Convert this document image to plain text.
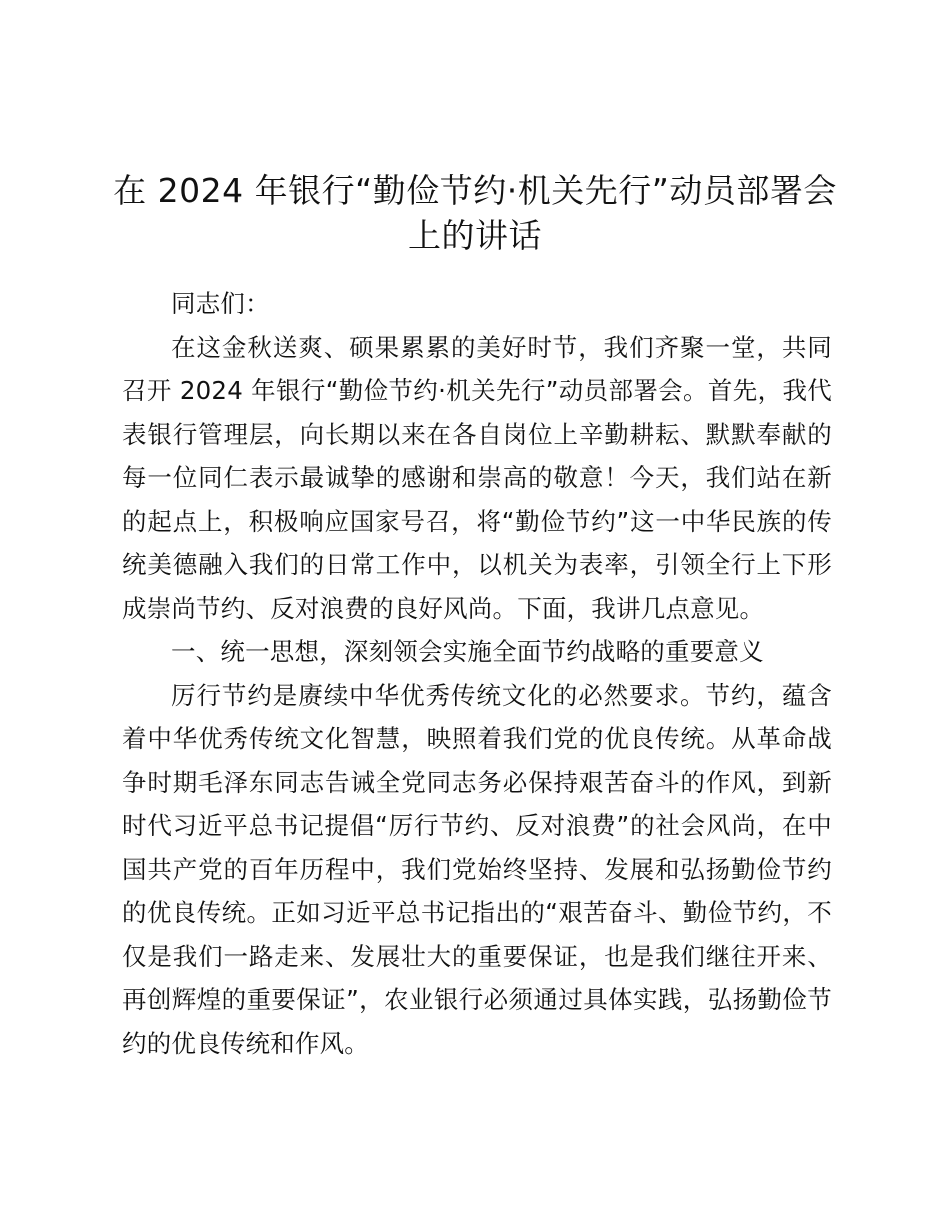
在 2024 年银行“勤俭节约·机关先行”动员部署会上的讲话

同志们：

在这金秋送爽、硕果累累的美好时节，我们齐聚一堂，共同召开 2024 年银行“勤俭节约·机关先行”动员部署会。首先，我代表银行管理层，向长期以来在各自岗位上辛勤耕耘、默默奉献的每一位同仁表示最诚挚的感谢和崇高的敬意！今天，我们站在新的起点上，积极响应国家号召，将“勤俭节约”这一中华民族的传统美德融入我们的日常工作中，以机关为表率，引领全行上下形成崇尚节约、反对浪费的良好风尚。下面，我讲几点意见。

一、统一思想，深刻领会实施全面节约战略的重要意义

厉行节约是赓续中华优秀传统文化的必然要求。节约，蕴含着中华优秀传统文化智慧，映照着我们党的优良传统。从革命战争时期毛泽东同志告诫全党同志务必保持艰苦奋斗的作风，到新时代习近平总书记提倡“厉行节约、反对浪费”的社会风尚，在中国共产党的百年历程中，我们党始终坚持、发展和弘扬勤俭节约的优良传统。正如习近平总书记指出的“艰苦奋斗、勤俭节约，不仅是我们一路走来、发展壮大的重要保证，也是我们继往开来、再创辉煌的重要保证”，农业银行必须通过具体实践，弘扬勤俭节约的优良传统和作风。
